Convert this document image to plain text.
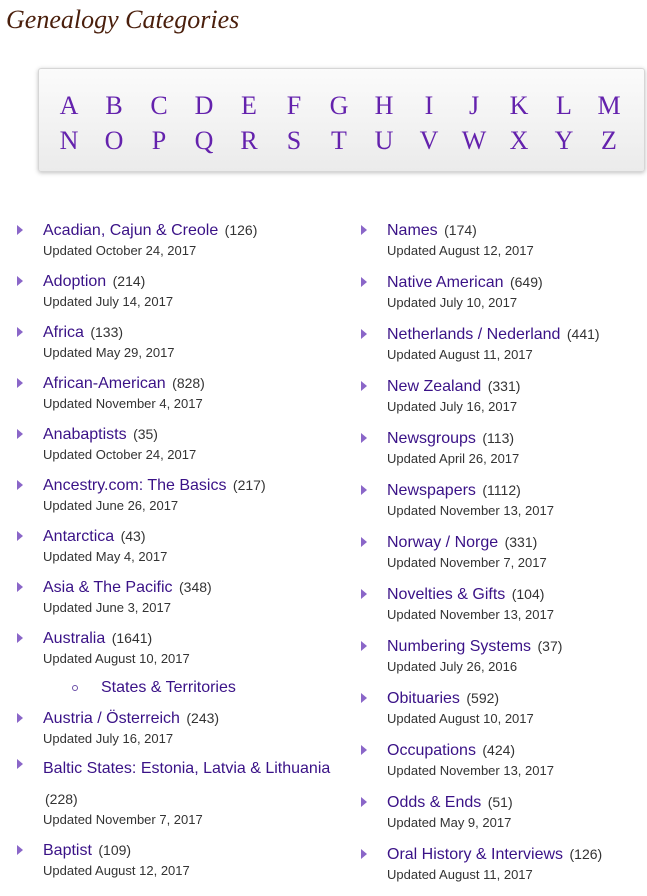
Genealogy Categories
A B C D E F G H	I	J	K L M
N O P Q R S T U V W X Y Z
Acadian, Cajun & Creole (126)
Updated October 24, 2017
Adoption (214)
Updated July 14, 2017
Africa (133)
Updated May 29, 2017
African-American (828)
Updated November 4, 2017
Anabaptists (35)
Updated October 24, 2017
Ancestry.com: The Basics (217)
Updated June 26, 2017
Antarctica (43)
Updated May 4, 2017
Asia & The Pacific (348)
Updated June 3, 2017
Australia (1641)
Updated August 10, 2017
States & Territories
Austria / Österreich (243)
Updated July 16, 2017
Baltic States: Estonia, Latvia & Lithuania (228)
Updated November 7, 2017
Baptist (109)
Updated August 12, 2017
Names (174)
Updated August 12, 2017
Native American (649)
Updated July 10, 2017
Netherlands / Nederland (441)
Updated August 11, 2017
New Zealand (331)
Updated July 16, 2017
Newsgroups (113)
Updated April 26, 2017
Newspapers (1112)
Updated November 13, 2017
Norway / Norge (331)
Updated November 7, 2017
Novelties & Gifts (104)
Updated November 13, 2017
Numbering Systems (37)
Updated July 26, 2016
Obituaries (592)
Updated August 10, 2017
Occupations (424)
Updated November 13, 2017
Odds & Ends (51)
Updated May 9, 2017
Oral History & Interviews (126)
Updated August 11, 2017
